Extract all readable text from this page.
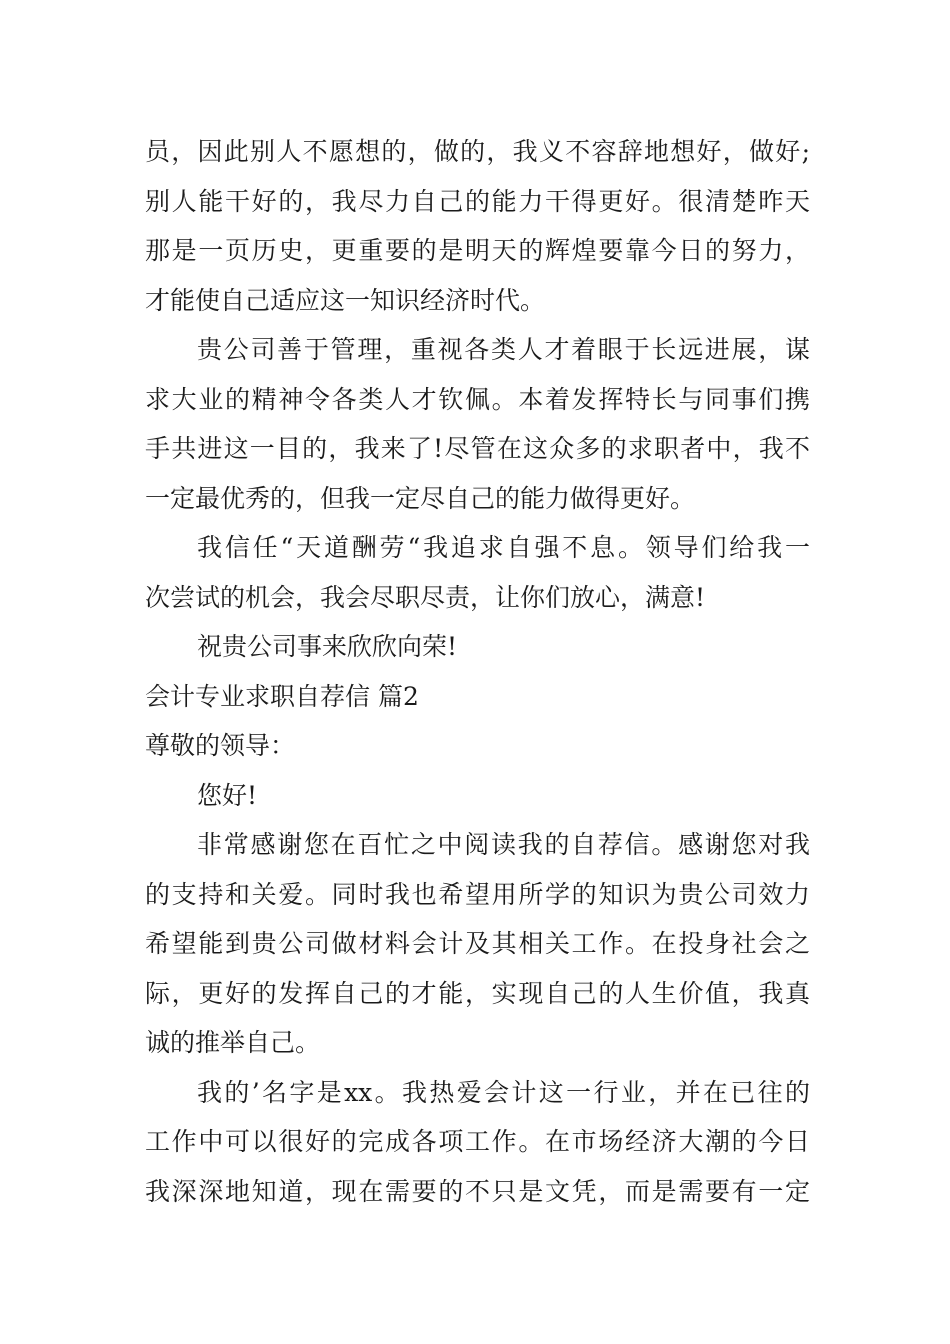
员，因此别人不愿想的，做的，我义不容辞地想好，做好;
别人能干好的，我尽力自己的能力干得更好。很清楚昨天
那是一页历史，更重要的是明天的辉煌要靠今日的努力，
才能使自己适应这一知识经济时代。
贵公司善于管理，重视各类人才着眼于长远进展，谋
求大业的精神令各类人才钦佩。本着发挥特长与同事们携
手共进这一目的，我来了!尽管在这众多的求职者中，我不
一定最优秀的，但我一定尽自己的能力做得更好。
我信任“天道酬劳“我追求自强不息。领导们给我一
次尝试的机会，我会尽职尽责，让你们放心，满意!
祝贵公司事来欣欣向荣!
会计专业求职自荐信 篇2
尊敬的领导：
您好!
非常感谢您在百忙之中阅读我的自荐信。感谢您对我
的支持和关爱。同时我也希望用所学的知识为贵公司效力
希望能到贵公司做材料会计及其相关工作。在投身社会之
际，更好的发挥自己的才能，实现自己的人生价值，我真
诚的推举自己。
我的’名字是xx。我热爱会计这一行业，并在已往的
工作中可以很好的完成各项工作。在市场经济大潮的今日
我深深地知道，现在需要的不只是文凭，而是需要有一定
